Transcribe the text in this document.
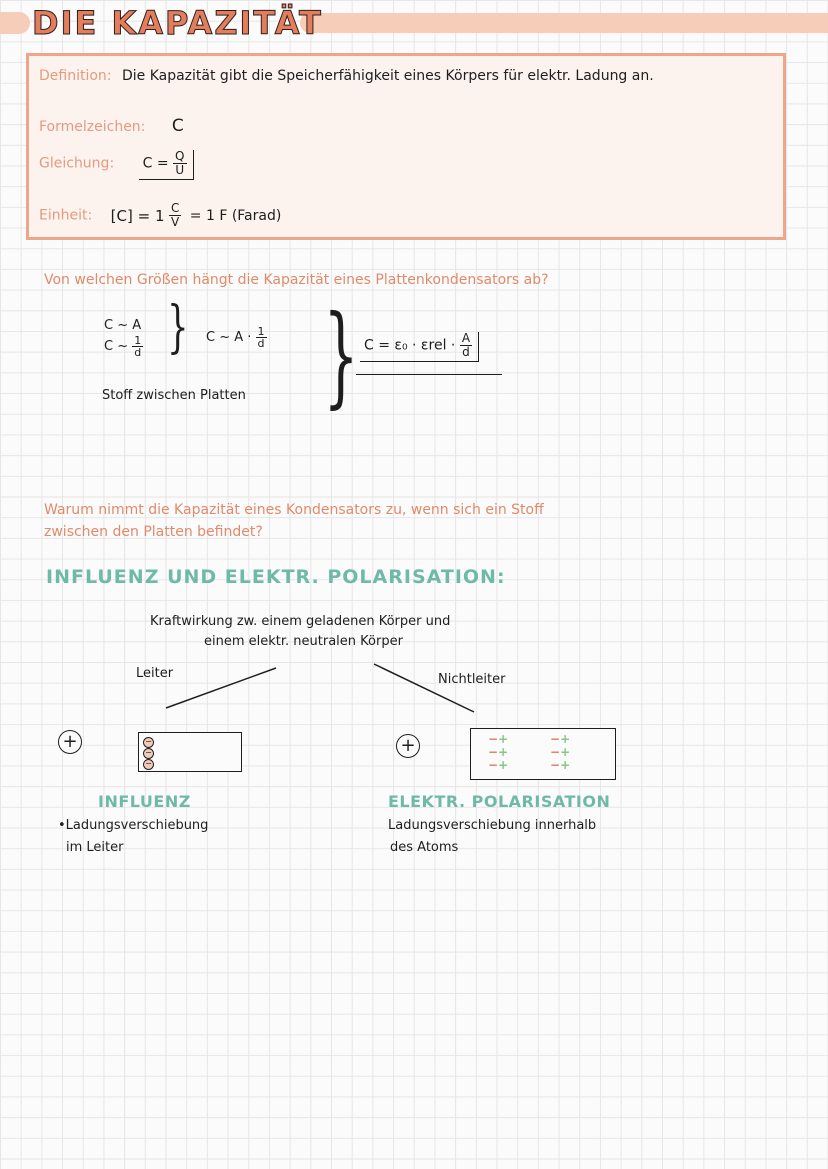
DIE KAPAZITÄT
Definition: Die Kapazität gibt die Speicherfähigkeit eines Körpers für elektr. Ladung an.
Formelzeichen: C
Gleichung: $C = \frac{Q}{U}$
Einheit: $[C] = 1 \frac{C}{V} = 1$ F (Farad)
Von welchen Größen hängt die Kapazität eines Plattenkondensators ab?
C ~ A
C ~ $\frac{1}{d}$ } C ~ $A \cdot \frac{1}{d}$
Stoff zwischen Platten } $C = \varepsilon_0 \cdot \varepsilon rel \cdot \frac{A}{d}$
Warum nimmt die Kapazität eines Kondensators zu, wenn sich ein Stoff
zwischen den Platten befindet?
INFLUENZ UND ELEKTR. POLARISATION:
Kraftwirkung zw. einem geladenen Körper und
einem elektr. neutralen Körper
Leiter	Nichtleiter
+	−
−
−
+	−+
−+
−+
−+
−+
−+
INFLUENZ
•Ladungsverschiebung
im Leiter
ELEKTR. POLARISATION
Ladungsverschiebung innerhalb
des Atoms
